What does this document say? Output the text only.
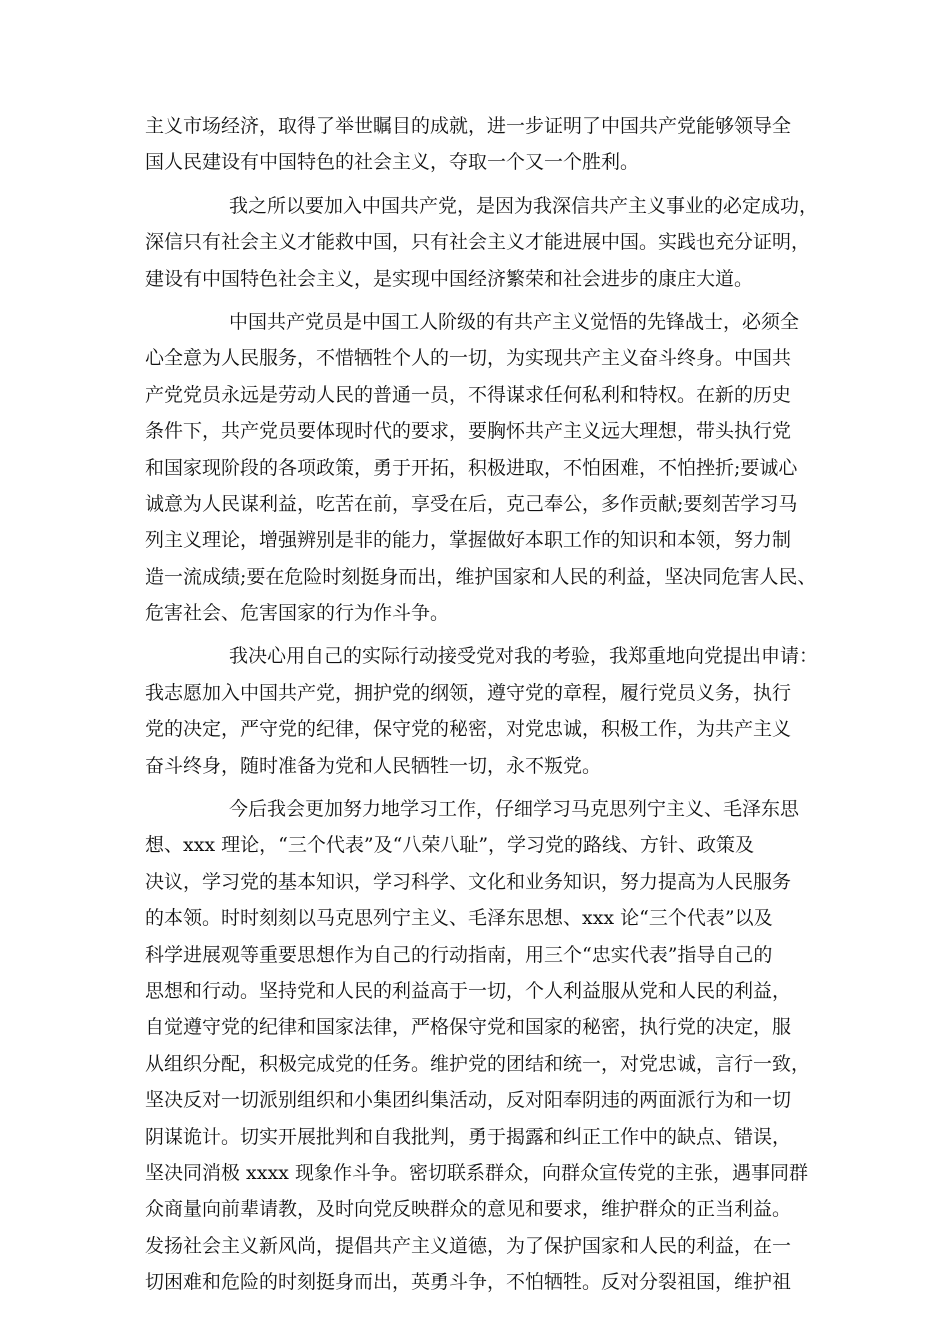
主义市场经济，取得了举世瞩目的成就，进一步证明了中国共产党能够领导全
国人民建设有中国特色的社会主义，夺取一个又一个胜利。
我之所以要加入中国共产党，是因为我深信共产主义事业的必定成功，
深信只有社会主义才能救中国，只有社会主义才能进展中国。实践也充分证明，
建设有中国特色社会主义，是实现中国经济繁荣和社会进步的康庄大道。
中国共产党员是中国工人阶级的有共产主义觉悟的先锋战士，必须全
心全意为人民服务，不惜牺牲个人的一切，为实现共产主义奋斗终身。中国共
产党党员永远是劳动人民的普通一员，不得谋求任何私利和特权。在新的历史
条件下，共产党员要体现时代的要求，要胸怀共产主义远大理想，带头执行党
和国家现阶段的各项政策，勇于开拓，积极进取，不怕困难，不怕挫折;要诚心
诚意为人民谋利益，吃苦在前，享受在后，克己奉公，多作贡献;要刻苦学习马
列主义理论，增强辨别是非的能力，掌握做好本职工作的知识和本领，努力制
造一流成绩;要在危险时刻挺身而出，维护国家和人民的利益，坚决同危害人民、
危害社会、危害国家的行为作斗争。
我决心用自己的实际行动接受党对我的考验，我郑重地向党提出申请：
我志愿加入中国共产党，拥护党的纲领，遵守党的章程，履行党员义务，执行
党的决定，严守党的纪律，保守党的秘密，对党忠诚，积极工作，为共产主义
奋斗终身，随时准备为党和人民牺牲一切，永不叛党。
今后我会更加努力地学习工作，仔细学习马克思列宁主义、毛泽东思
想、xxx 理论，“三个代表”及“八荣八耻”，学习党的路线、方针、政策及
决议，学习党的基本知识，学习科学、文化和业务知识，努力提高为人民服务
的本领。时时刻刻以马克思列宁主义、毛泽东思想、xxx 论“三个代表”以及
科学进展观等重要思想作为自己的行动指南，用三个“忠实代表”指导自己的
思想和行动。坚持党和人民的利益高于一切，个人利益服从党和人民的利益，
自觉遵守党的纪律和国家法律，严格保守党和国家的秘密，执行党的决定，服
从组织分配，积极完成党的任务。维护党的团结和统一，对党忠诚，言行一致，
坚决反对一切派别组织和小集团纠集活动，反对阳奉阴违的两面派行为和一切
阴谋诡计。切实开展批判和自我批判，勇于揭露和纠正工作中的缺点、错误，
坚决同消极 xxxx 现象作斗争。密切联系群众，向群众宣传党的主张，遇事同群
众商量向前辈请教，及时向党反映群众的意见和要求，维护群众的正当利益。
发扬社会主义新风尚，提倡共产主义道德，为了保护国家和人民的利益，在一
切困难和危险的时刻挺身而出，英勇斗争，不怕牺牲。反对分裂祖国，维护祖
